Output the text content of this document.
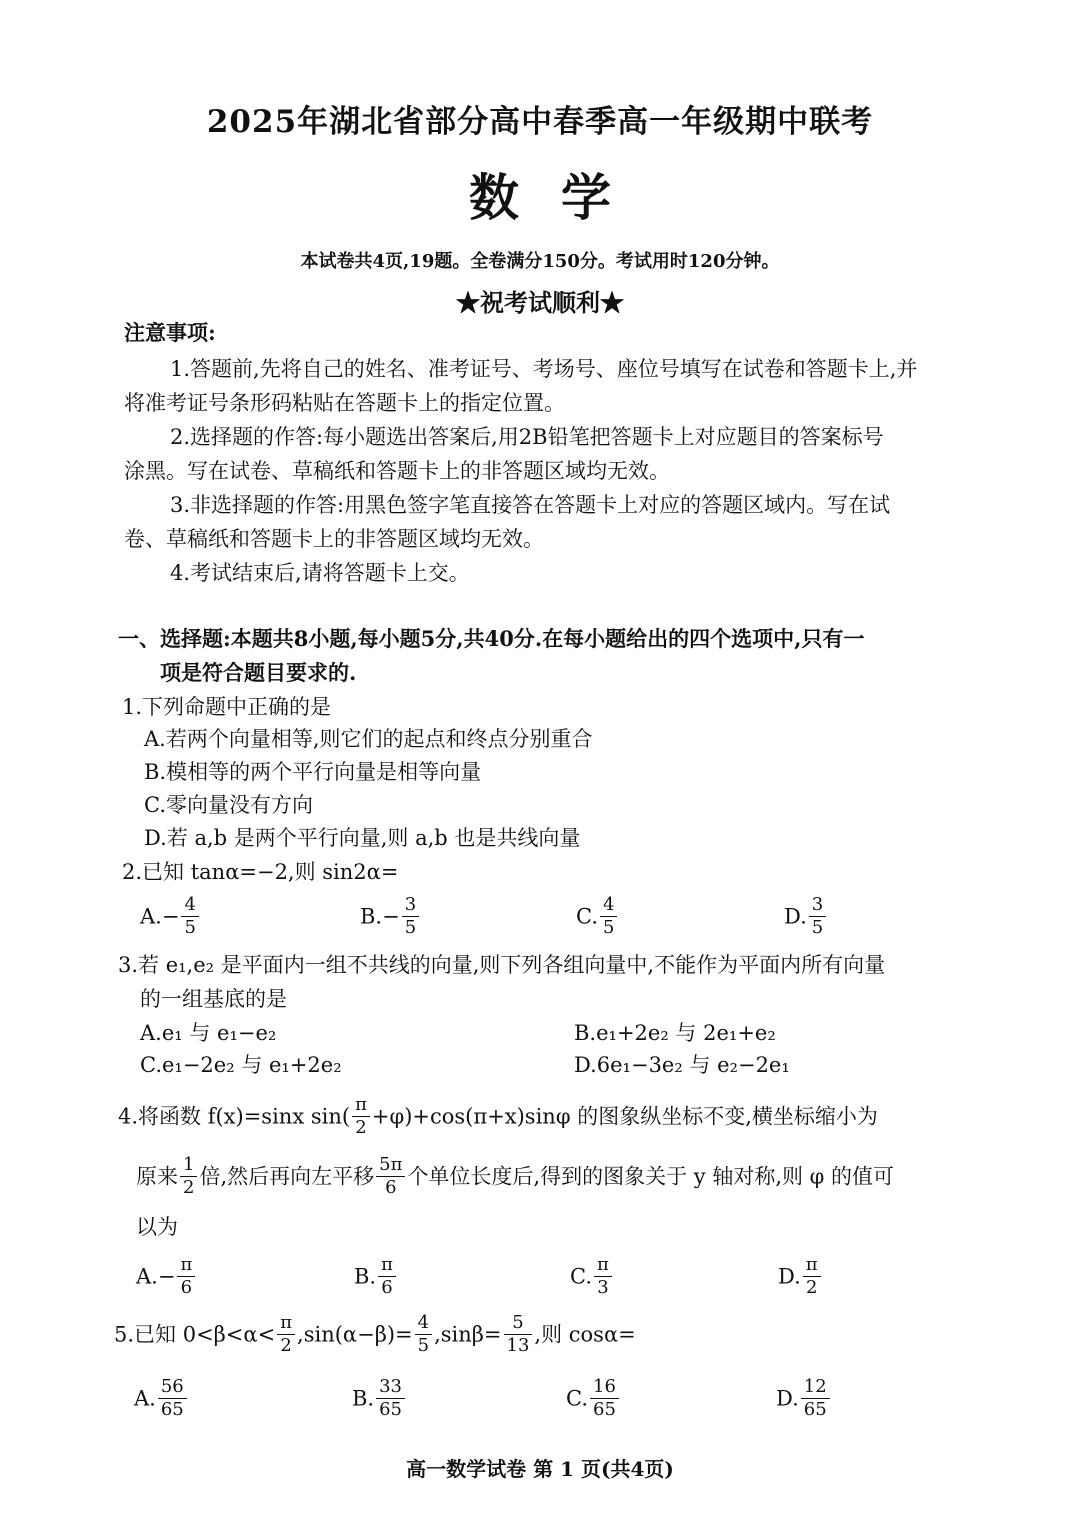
2025年湖北省部分高中春季高一年级期中联考
数学
本试卷共4页,19题。全卷满分150分。考试用时120分钟。
★祝考试顺利★
注意事项:
1.答题前,先将自己的姓名、准考证号、考场号、座位号填写在试卷和答题卡上,并
将准考证号条形码粘贴在答题卡上的指定位置。
2.选择题的作答:每小题选出答案后,用2B铅笔把答题卡上对应题目的答案标号
涂黑。写在试卷、草稿纸和答题卡上的非答题区域均无效。
3.非选择题的作答:用黑色签字笔直接答在答题卡上对应的答题区域内。写在试
卷、草稿纸和答题卡上的非答题区域均无效。
4.考试结束后,请将答题卡上交。
一、选择题:本题共8小题,每小题5分,共40分.在每小题给出的四个选项中,只有一
项是符合题目要求的.
1.下列命题中正确的是
A.若两个向量相等,则它们的起点和终点分别重合
B.模相等的两个平行向量是相等向量
C.零向量没有方向
D.若 a,b 是两个平行向量,则 a,b 也是共线向量
2.已知 tanα=−2,则 sin2α=
$A.- \frac{4}{5}$	$B.- \frac{3}{5}$	C. $\frac{4}{5}$	D. $\frac{3}{5}$
3.若 e₁,e₂ 是平面内一组不共线的向量,则下列各组向量中,不能作为平面内所有向量
的一组基底的是
A.e₁ 与 e₁−e₂	B.e₁+2e₂ 与 2e₁+e₂
C.e₁−2e₂ 与 e₁+2e₂	D.6e₁−3e₂ 与 e₂−2e₁
4.将函数 f(x)=sinx $\sin( \frac{\pi}{2} +\varphi)+\cos(\pi+x)\sin\varphi$ 的图象纵坐标不变,横坐标缩小为
原来 $\frac{1}{2}$ 倍,然后再向左平移 $\frac{5\pi}{6}$ 个单位长度后,得到的图象关于 y 轴对称,则 φ 的值可
以为
$A.- \frac{\pi}{6}$	B. $\frac{\pi}{6}$	C. $\frac{\pi}{3}$	D. $\frac{\pi}{2}$
5.已知 $0<\beta<\alpha< \frac{\pi}{2} ,\sin(\alpha-\beta)= \frac{4}{5} ,\sin\beta= \frac{5}{13}$ ,则 cosα=
A. $\frac{56}{65}$	B. $\frac{33}{65}$	C. $\frac{16}{65}$	D. $\frac{12}{65}$
高一数学试卷 第 1 页(共4页)
